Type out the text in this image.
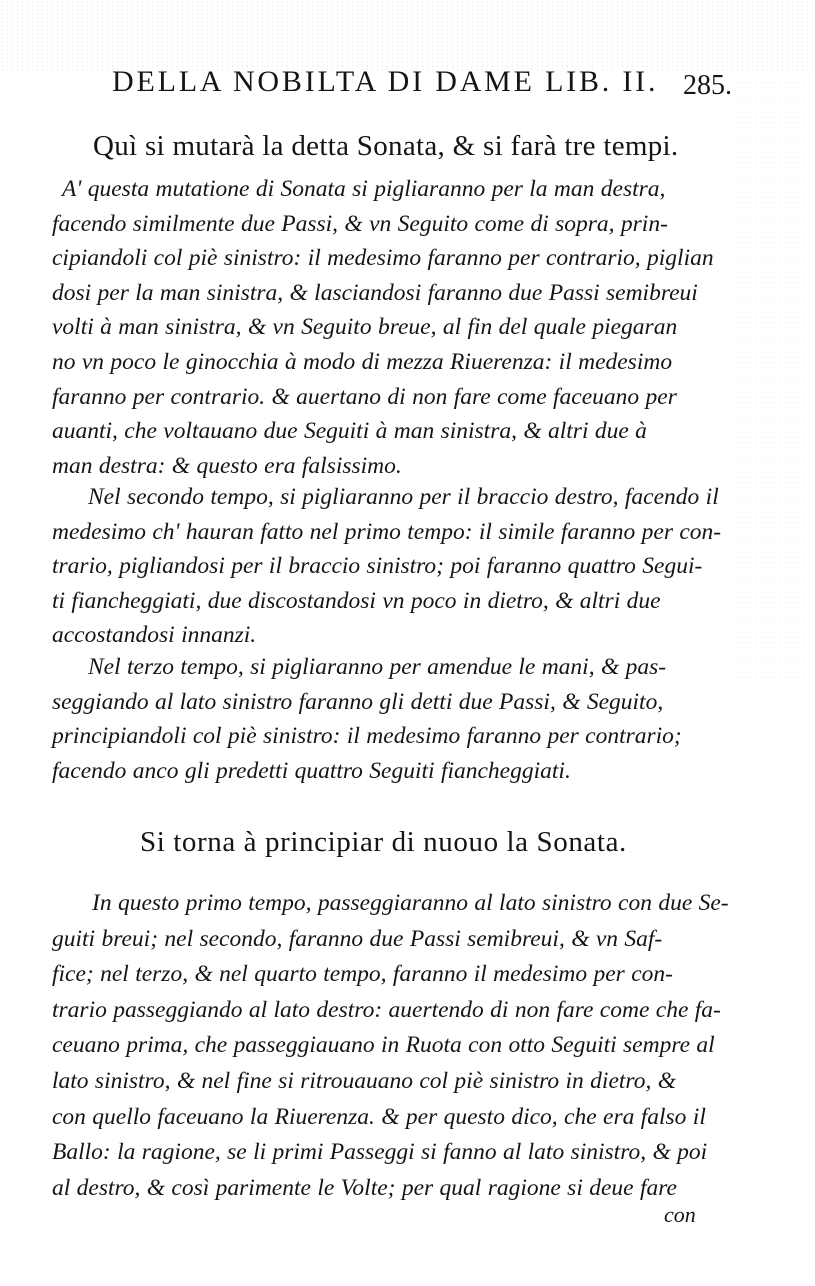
DELLA NOBILTA DI DAME LIB. II. 285.
Quì si mutarà la detta Sonata, & si farà tre tempi.

A' questa mutatione di Sonata si pigliaranno per la man destra,
facendo similmente due Passi, & vn Seguito come di sopra, prin-
cipiandoli col piè sinistro: il medesimo faranno per contrario, piglian
dosi per la man sinistra, & lasciandosi faranno due Passi semibreui
volti à man sinistra, & vn Seguito breue, al fin del quale piegaran
no vn poco le ginocchia à modo di mezza Riuerenza: il medesimo
faranno per contrario. & auertano di non fare come faceuano per
auanti, che voltauano due Seguiti à man sinistra, & altri due à
man destra: & questo era falsissimo.

Nel secondo tempo, si pigliaranno per il braccio destro, facendo il
medesimo ch' hauran fatto nel primo tempo: il simile faranno per con-
trario, pigliandosi per il braccio sinistro; poi faranno quattro Segui-
ti fiancheggiati, due discostandosi vn poco in dietro, & altri due
accostandosi innanzi.

Nel terzo tempo, si pigliaranno per amendue le mani, & pas-
seggiando al lato sinistro faranno gli detti due Passi, & Seguito,
principiandoli col piè sinistro: il medesimo faranno per contrario;
facendo anco gli predetti quattro Seguiti fiancheggiati.

Si torna à principiar di nuouo la Sonata.

In questo primo tempo, passeggiaranno al lato sinistro con due Se-
guiti breui; nel secondo, faranno due Passi semibreui, & vn Saf-
fice; nel terzo, & nel quarto tempo, faranno il medesimo per con-
trario passeggiando al lato destro: auertendo di non fare come che fa-
ceuano prima, che passeggiauano in Ruota con otto Seguiti sempre al
lato sinistro, & nel fine si ritrouauano col piè sinistro in dietro, &
con quello faceuano la Riuerenza. & per questo dico, che era falso il
Ballo: la ragione, se li primi Passeggi si fanno al lato sinistro, & poi
al destro, & così parimente le Volte; per qual ragione si deue fare

con
